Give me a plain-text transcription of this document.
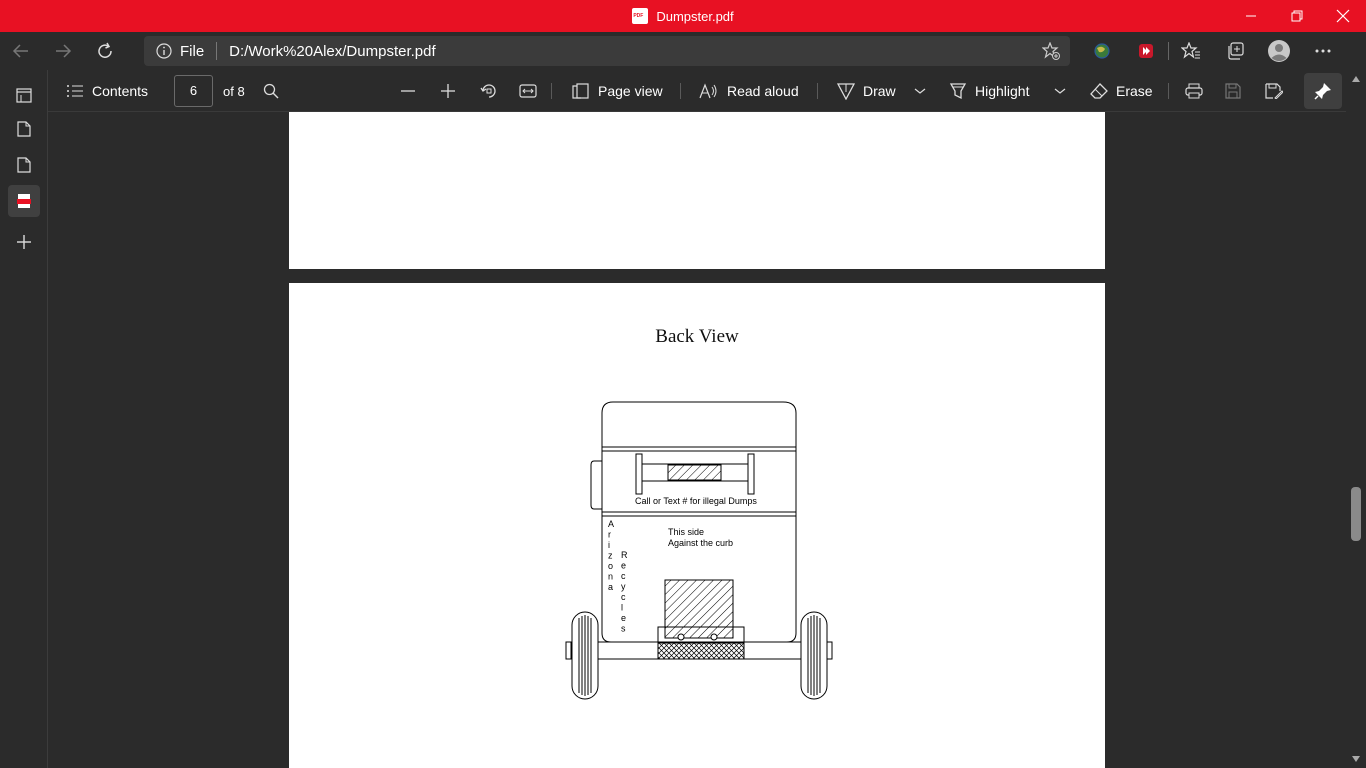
PDF
Dumpster.pdf
File D:/Work%20Alex/Dumpster.pdf
Contents	6	of 8	Page view	Read aloud	Draw	Highlight	Erase
Back View
Call or Text # for illegal Dumps
This side
Against the curb
A r i z o n a
R e c y c l e s
